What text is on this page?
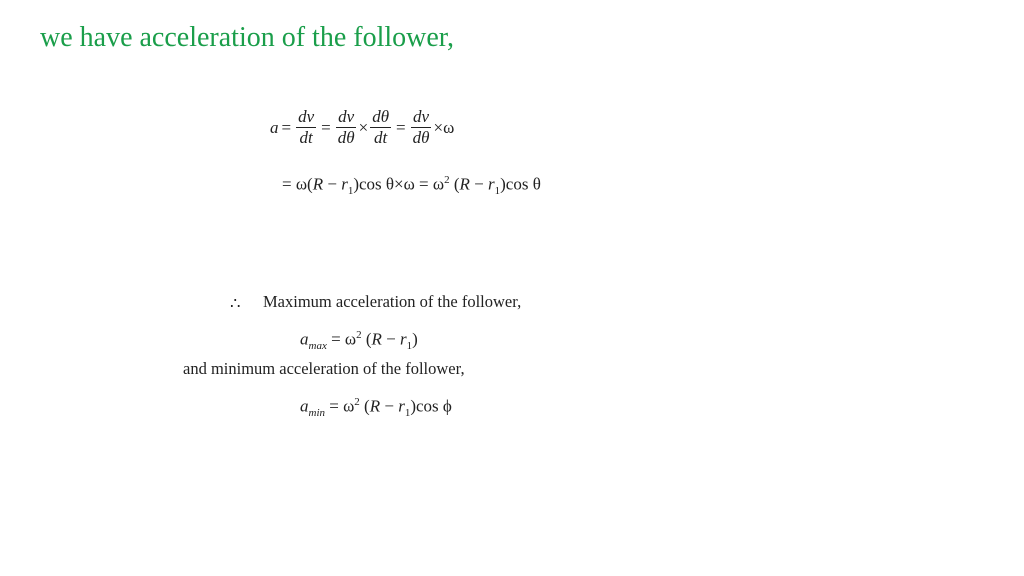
we have acceleration of the follower,
$a = \frac{dv}{dt} = \frac{dv}{d\theta} \times \frac{d\theta}{dt} = \frac{dv}{d\theta} \times\omega$
= $\omega(R - r_1)\cos$ $\theta\times\omega = \omega^2$ $(R - r_1)\cos$ θ
∴ Maximum acceleration of the follower,
$a_{max} = \omega^2$ $(R - r_1)$
and minimum acceleration of the follower,
$a_{min} = \omega^2$ $(R - r_1)\cos$ ϕ
